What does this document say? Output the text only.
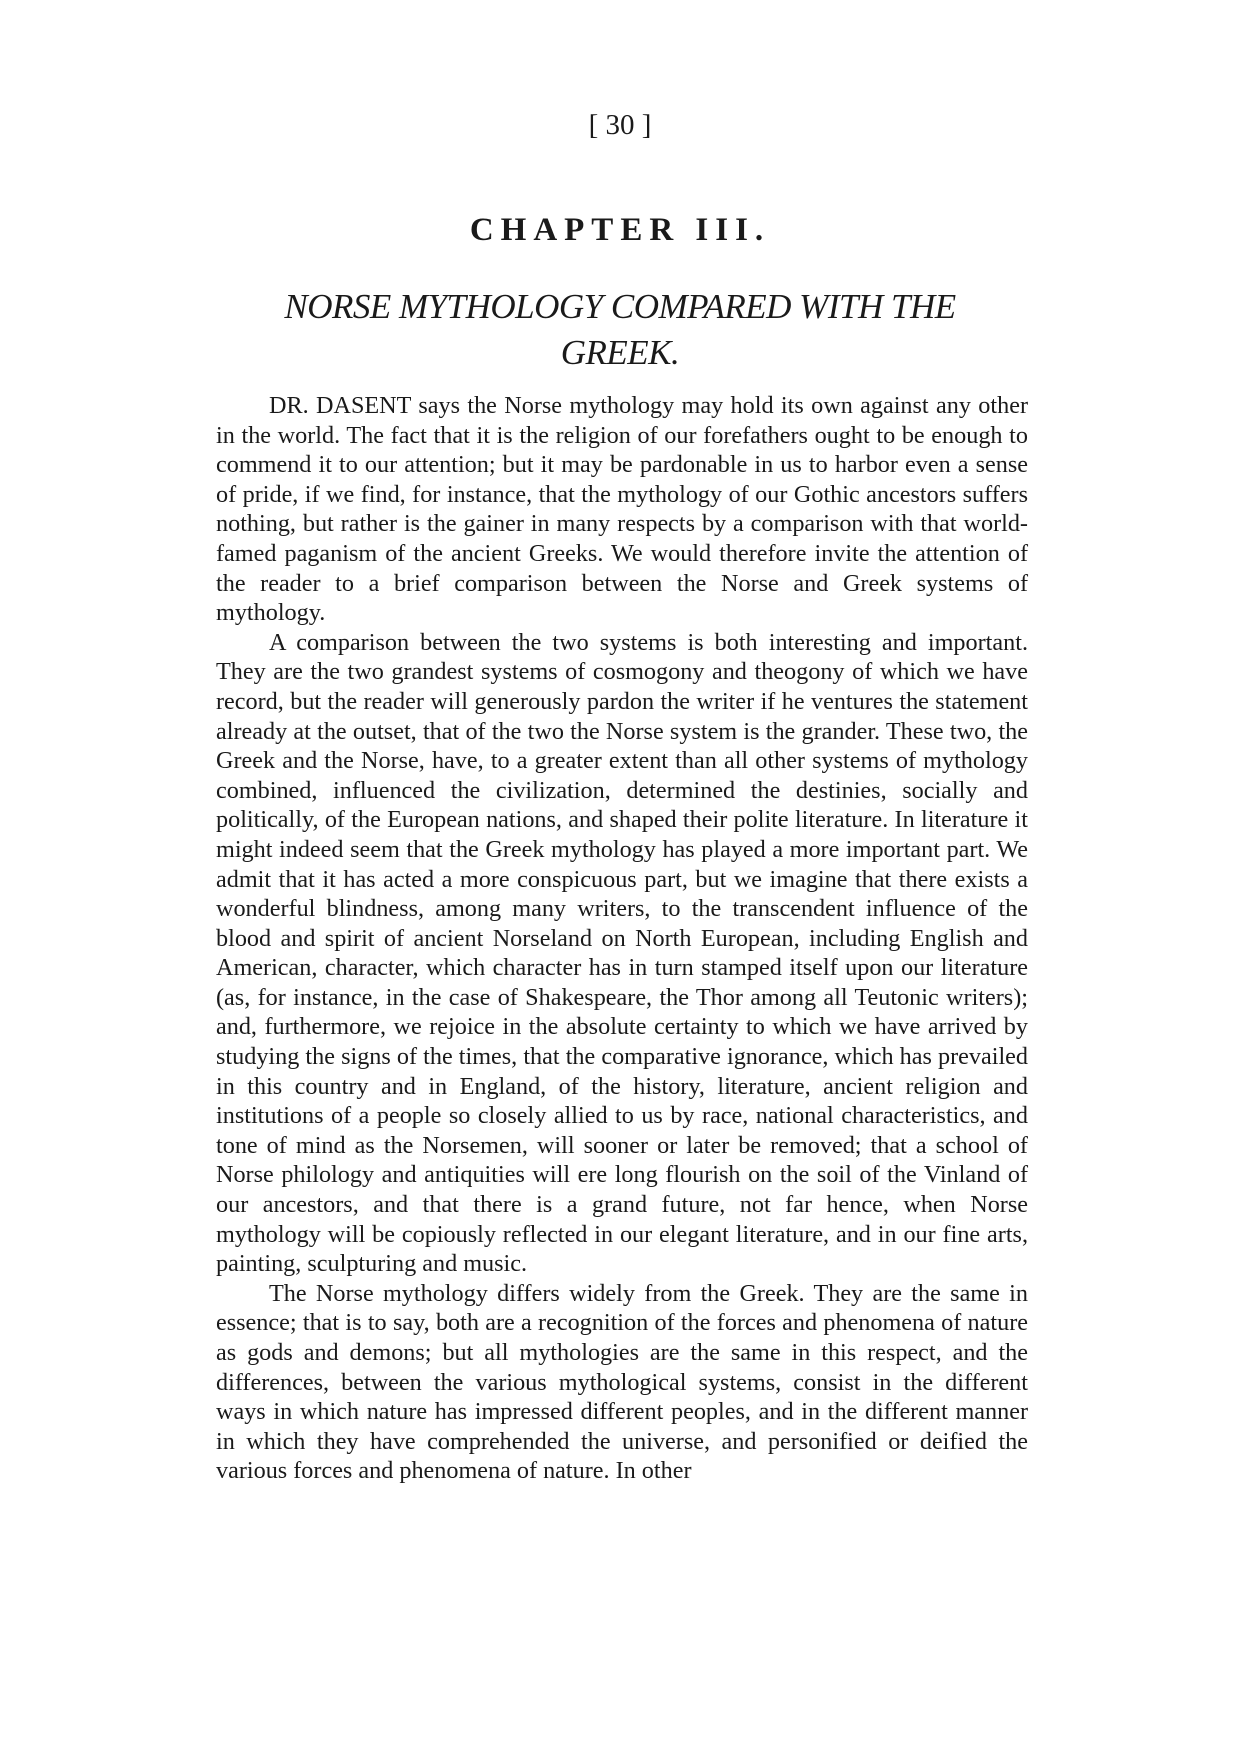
[ 30 ]
CHAPTER III.
NORSE MYTHOLOGY COMPARED WITH THE GREEK.

DR. DASENT says the Norse mythology may hold its own against any other in the world. The fact that it is the religion of our forefathers ought to be enough to commend it to our attention; but it may be pardonable in us to harbor even a sense of pride, if we find, for instance, that the mythology of our Gothic ancestors suffers nothing, but rather is the gainer in many respects by a comparison with that world-famed paganism of the ancient Greeks. We would therefore invite the attention of the reader to a brief comparison between the Norse and Greek systems of mythology.

A comparison between the two systems is both interesting and important. They are the two grandest systems of cosmogony and theogony of which we have record, but the reader will generously pardon the writer if he ventures the statement already at the outset, that of the two the Norse system is the grander. These two, the Greek and the Norse, have, to a greater extent than all other systems of mythology combined, influenced the civilization, determined the destinies, socially and politically, of the European nations, and shaped their polite literature. In literature it might indeed seem that the Greek mythology has played a more important part. We admit that it has acted a more conspicuous part, but we imagine that there exists a wonderful blindness, among many writers, to the transcendent influence of the blood and spirit of ancient Norseland on North European, including English and American, character, which character has in turn stamped itself upon our literature (as, for instance, in the case of Shakespeare, the Thor among all Teutonic writers); and, furthermore, we rejoice in the absolute certainty to which we have arrived by studying the signs of the times, that the comparative ignorance, which has prevailed in this country and in England, of the history, literature, ancient religion and institutions of a people so closely allied to us by race, national characteristics, and tone of mind as the Norsemen, will sooner or later be removed; that a school of Norse philology and antiquities will ere long flourish on the soil of the Vinland of our ancestors, and that there is a grand future, not far hence, when Norse mythology will be copiously reflected in our elegant literature, and in our fine arts, painting, sculpturing and music.

The Norse mythology differs widely from the Greek. They are the same in essence; that is to say, both are a recognition of the forces and phenomena of nature as gods and demons; but all mythologies are the same in this respect, and the differences, between the various mythological systems, consist in the different ways in which nature has impressed different peoples, and in the different manner in which they have comprehended the universe, and personified or deified the various forces and phenomena of nature. In other
